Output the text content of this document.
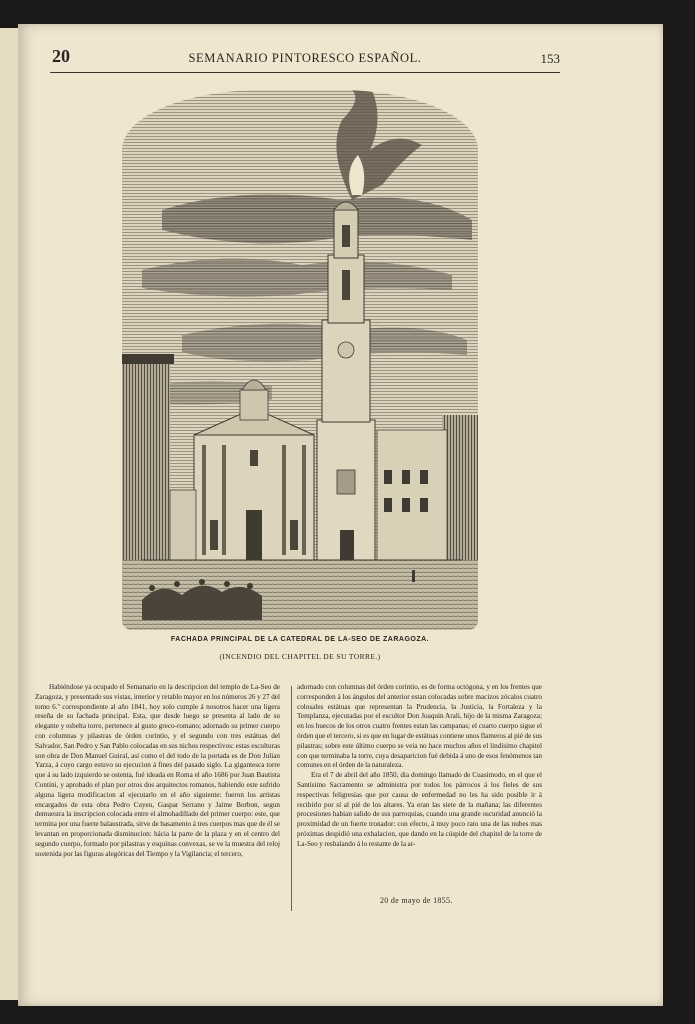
20	SEMANARIO PINTORESCO ESPAÑOL.	153
FACHADA PRINCIPAL DE LA CATEDRAL DE LA-SEO DE ZARAGOZA.
(INCENDIO DEL CHAPITEL DE SU TORRE.)

Habiéndose ya ocupado el Semanario en la descripcion del templo de La-Seo de Zaragoza, y presentado sus vistas, interior y retablo mayor en los números 26 y 27 del tomo 6.º correspondiente al año 1841, hoy solo cumple á nosotros hacer una ligera reseña de su fachada principal. Esta, que desde luego se presenta al lado de su elegante y esbelta torre, pertenece al gusto greco-romano; adornado su primer cuerpo con columnas y pilastras de órden corintio, y el segundo con tres estátuas del Salvador, San Pedro y San Pablo colocadas en sus nichos respectivos: estas esculturas son obra de Don Manuel Guiral, así como el del todo de la portada es de Don Julian Yarza, á cuyo cargo estuvo su ejecucion á fines del pasado siglo. La gigantesca torre que á su lado izquierdo se ostenta, fué ideada en Roma el año 1686 por Juan Bautista Contini, y aprobado el plan por otros dos arquitectos romanos, habiendo este sufrido alguna ligera modificacion al ejecutarlo en el año siguiente: fueron los artistas encargados de esta obra Pedro Cuyeu, Gaspar Serrano y Jaime Borbon, segun demuestra la inscripcion colocada entre el almohadillado del primer cuerpo: este, que termina por una fuerte balaustrada, sirve de basamento á tres cuerpos mas que de él se levantan en proporcionada disminucion: hácia la parte de la plaza y en el centro del segundo cuerpo, formado por pilastras y esquinas convexas, se ve la muestra del reloj sostenida por las figuras alegóricas del Tiempo y la Vigilancia; el tercero,

adornado con columnas del órden corintio, es de forma octógona, y en los frentes que corresponden á los ángulos del anterior estan colocadas sobre macizos zócalos cuatro colosales estátuas que representan la Prudencia, la Justicia, la Fortaleza y la Templanza, ejecutadas por el escultor Don Joaquin Arali, hijo de la misma Zaragoza; en los huecos de los otros cuatro frentes estan las campanas; el cuarto cuerpo sigue el órden que el tercero, si es que en lugar de estátuas contiene unos flameros al pié de sus pilastras; sobre este último cuerpo se veia no hace muchos años el lindísimo chapitel con que terminaba la torre, cuya desaparicion fué debida á uno de esos fenómenos tan comunes en el órden de la naturaleza.

Era el 7 de abril del año 1850, dia domingo llamado de Cuasimodo, en el que el Santísimo Sacramento se administra por todos los párrocos á los fieles de sus respectivas feligresías que por causa de enfermedad no les ha sido posible ir á recibirlo por sí al pié de los altares. Ya eran las siete de la mañana; las diferentes procesiones habian salido de sus parroquias, cuando una grande oscuridad anunció la proximidad de un fuerte tronador: con efecto, á muy poco rato una de las nubes mas próximas despidió una exhalacion, que dando en la cúspide del chapitel de la torre de La-Seo y resbalando á lo restante de la ar-

20 de mayo de 1855.
